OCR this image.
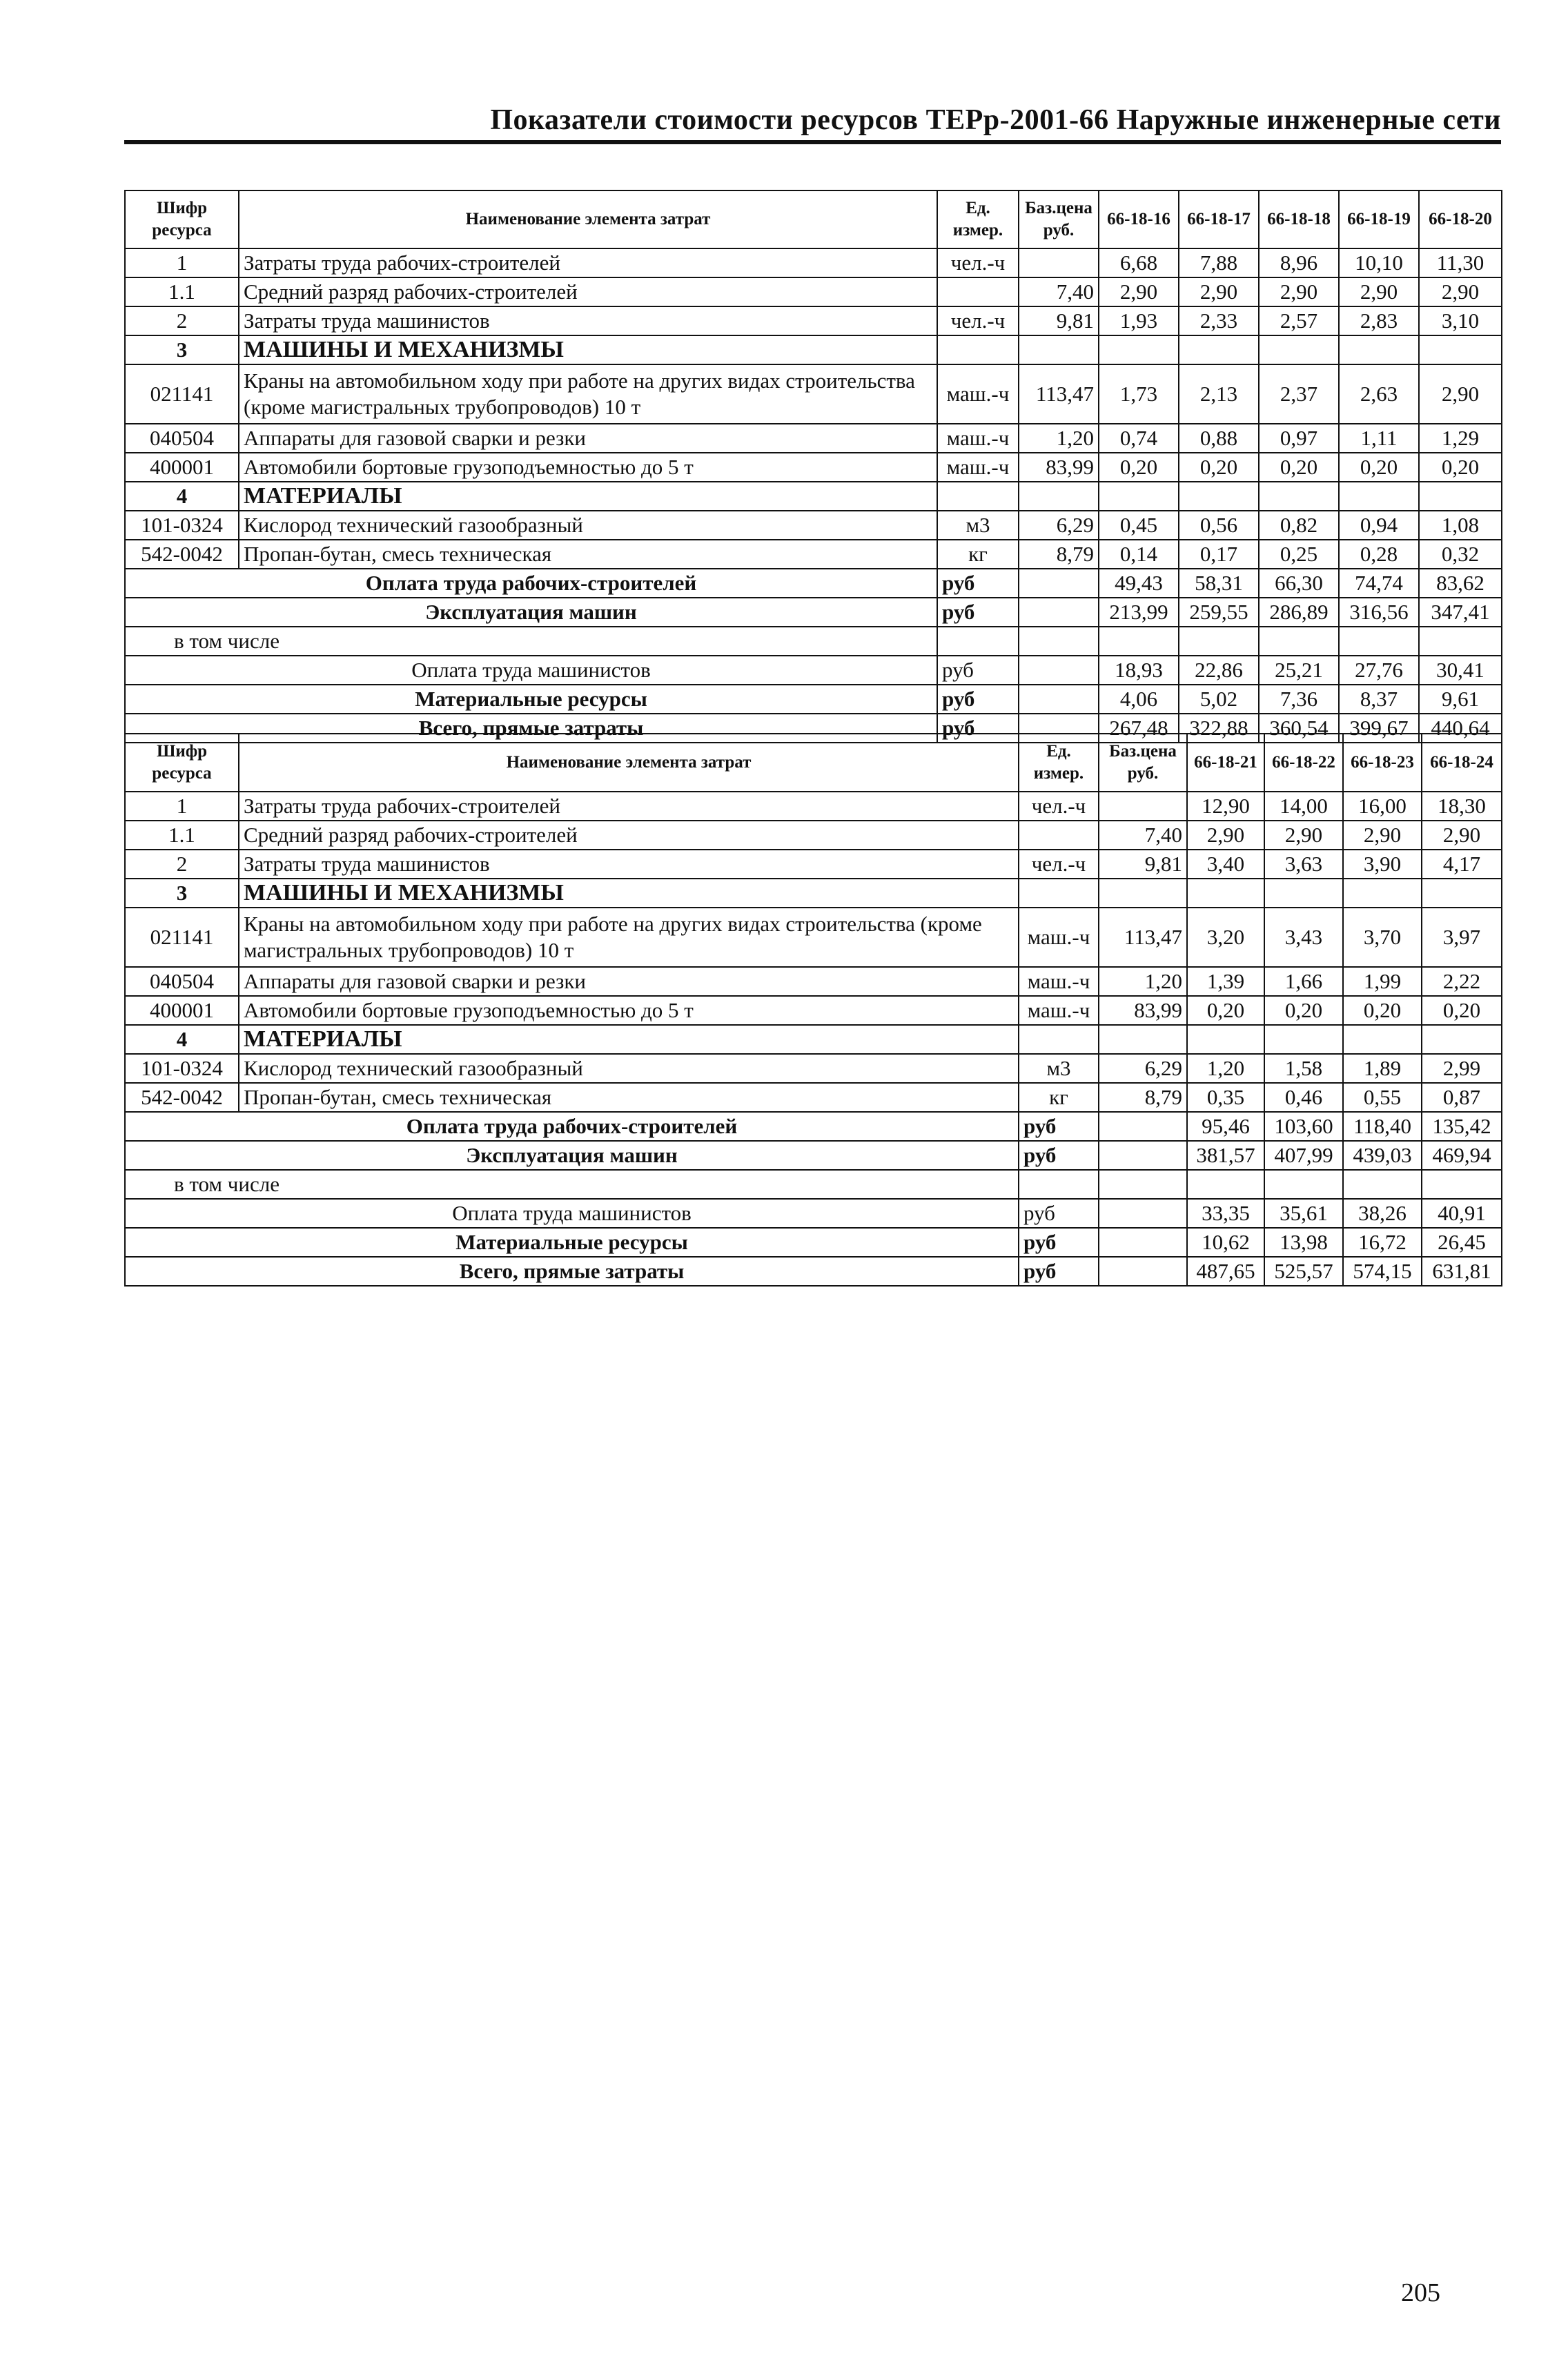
Показатели стоимости ресурсов ТЕРр-2001-66 Наружные инженерные сети
Шифр ресурса	Наименование элемента затрат	Ед. измер.	Баз.цена руб.	66-18-16	66-18-17	66-18-18	66-18-19	66-18-20
1	Затраты труда рабочих-строителей	чел.-ч		6,68	7,88	8,96	10,10	11,30
1.1	Средний разряд рабочих-строителей		7,40	2,90	2,90	2,90	2,90	2,90
2	Затраты труда машинистов	чел.-ч	9,81	1,93	2,33	2,57	2,83	3,10
3	МАШИНЫ И МЕХАНИЗМЫ							
021141	Краны на автомобильном ходу при работе на других видах строительства (кроме магистральных трубопроводов) 10 т	маш.-ч	113,47	1,73	2,13	2,37	2,63	2,90
040504	Аппараты для газовой сварки и резки	маш.-ч	1,20	0,74	0,88	0,97	1,11	1,29
400001	Автомобили бортовые грузоподъемностью до 5 т	маш.-ч	83,99	0,20	0,20	0,20	0,20	0,20
4	МАТЕРИАЛЫ							
101-0324	Кислород технический газообразный	м3	6,29	0,45	0,56	0,82	0,94	1,08
542-0042	Пропан-бутан, смесь техническая	кг	8,79	0,14	0,17	0,25	0,28	0,32
Оплата труда рабочих-строителей		руб		49,43	58,31	66,30	74,74	83,62
Эксплуатация машин		руб		213,99	259,55	286,89	316,56	347,41
в том числе								
Оплата труда машинистов		руб		18,93	22,86	25,21	27,76	30,41
Материальные ресурсы		руб		4,06	5,02	7,36	8,37	9,61
Всего, прямые затраты		руб		267,48	322,88	360,54	399,67	440,64
Шифр ресурса	Наименование элемента затрат	Ед. измер.	Баз.цена руб.	66-18-21	66-18-22	66-18-23	66-18-24
1	Затраты труда рабочих-строителей	чел.-ч		12,90	14,00	16,00	18,30
1.1	Средний разряд рабочих-строителей		7,40	2,90	2,90	2,90	2,90
2	Затраты труда машинистов	чел.-ч	9,81	3,40	3,63	3,90	4,17
3	МАШИНЫ И МЕХАНИЗМЫ						
021141	Краны на автомобильном ходу при работе на других видах строительства (кроме магистральных трубопроводов) 10 т	маш.-ч	113,47	3,20	3,43	3,70	3,97
040504	Аппараты для газовой сварки и резки	маш.-ч	1,20	1,39	1,66	1,99	2,22
400001	Автомобили бортовые грузоподъемностью до 5 т	маш.-ч	83,99	0,20	0,20	0,20	0,20
4	МАТЕРИАЛЫ						
101-0324	Кислород технический газообразный	м3	6,29	1,20	1,58	1,89	2,99
542-0042	Пропан-бутан, смесь техническая	кг	8,79	0,35	0,46	0,55	0,87
Оплата труда рабочих-строителей		руб		95,46	103,60	118,40	135,42
Эксплуатация машин		руб		381,57	407,99	439,03	469,94
в том числе							
Оплата труда машинистов		руб		33,35	35,61	38,26	40,91
Материальные ресурсы		руб		10,62	13,98	16,72	26,45
Всего, прямые затраты		руб		487,65	525,57	574,15	631,81
205
